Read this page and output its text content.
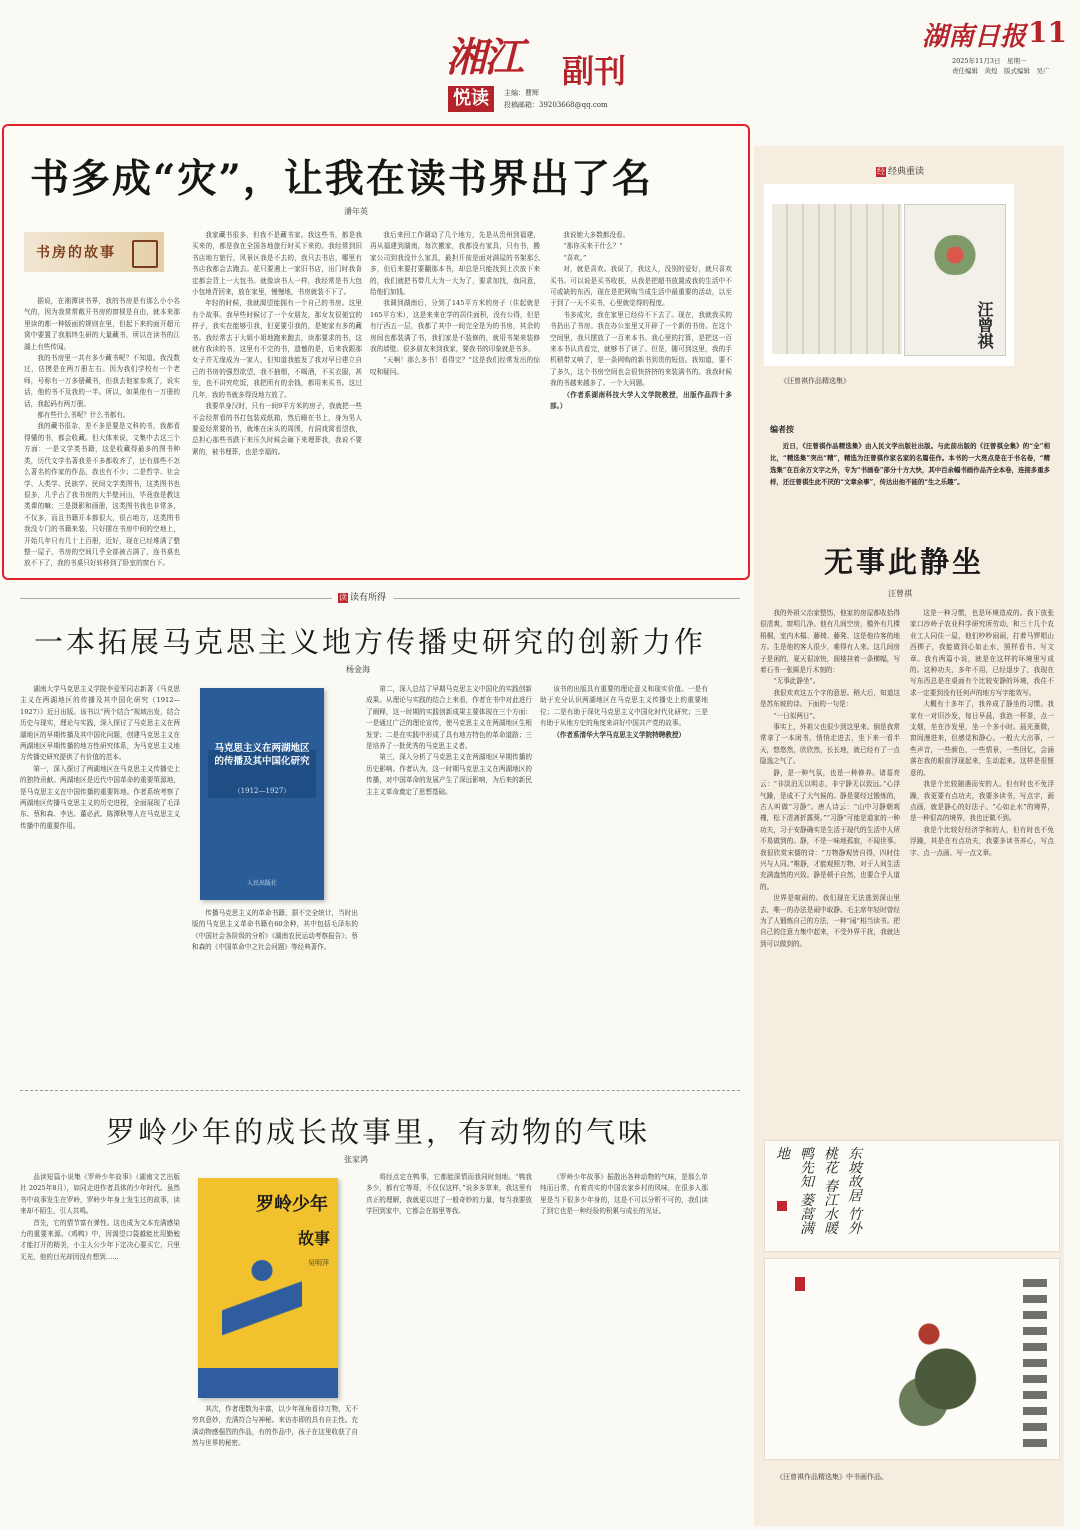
湘江 副刊
悦读	主编：曹辉
投稿邮箱：39203668@qq.com
湖南日报 11
2025年11月3日　星期一
责任编辑　黄煌　版式编辑　吴广
书多成“灾”，让我在读书界出了名
潘年英
书房的故事

据说，在湘潭读书界，我的书房是有那么小小名气的，因为我常常敞开书房的窗棂是自由，就本来那里读的都一种版面的规则在里，但起下来的面开超元窝中要置了我那终生研的大量藏书，所以在读书的江湖上有些传闻。

我的书房里一共有多少藏书呢？不知道。我没数过，估摸是在两万册左右。因为我们学校有一个老师，号称有一万多册藏书，但我去他家参观了，说实话，他的书不及我的一半。所以，如果他有一万册的话，我起码有两万册。

都有些什么书呢？什么书都有。

我的藏书很杂，差不多是要是文科的书，我都看得懂的书，都会收藏。但大体来说，文集中去这三个方面：一是文学类书籍，这是收藏得最多的图书种类，历代文学名著我差不多都收齐了，还有那些不怎么著名的作家的作品，我也有不少；二是哲学、社会学、人类学、民族学、民间文学类图书，这类图书也很多，几乎占了我书房的大半壁河山，毕竟我是教这类课的嘛；三是摄影和画册，这类图书我也非常多，不仅多，而且书籍开本都很大，很占地方，这类图书我没专门的书籍来装，只好摆在书房中间的空地上，开始几年只有几十上百册，近好，现在已经堆满了整整一屋子，书房的空间几乎全部被占满了，连书桌也放不下了，我的书桌只好转移到了卧室的窗台下。

我家藏书很多，但我不是藏书家。我这些书，都是我买来的，都是我在全国各地旅行时买下来的。我经常到旧书店地方旅行，风景区我是不去的，我只去书店，哪里有书店我都会去跑去。花只要遇上一家旧书店，出门时我肯定都会背上一大包书。就像读书人一样，我经常是书大包小包地背回来，放在家里，慢慢地，书房就装不下了。

年轻的时候，我就渴望能拥有一个自己的书房。这里有个故事。我早些时候讨了一个女朋友，那女友很便宜的样子，我实在能够引我，但更要引我的，是她家有多的藏书。我经常去于大姐小姐地跑来跑去，读那要求的书，这就有我读的书，这里有不完的书，遗憾的是，后来我跟那女子并无缘成为一家人，但知道我能发了我对早日建立自己的书房的强烈欲望，我不抽烟，不喝酒，不买衣服，甚至，也不讲究吃饭，我把所有的余钱，都用来买书。这过几年，我的书就多得没地方放了。

我要单身汉时，只有一间9平方米的房子，我就把一些不会经常看的书打包装成纸箱，然后睡在书上，身为男人要爱经常要的书，就堆在床头的周围，有洞戏窝看望我，总担心那些书跌下来压久时候会砸下来埋葬我，我说不要紧的，被书埋葬，也是幸福的。

我后来回工作调动了几个地方，先是从贵州到福建，再从福建到湖南，每次搬家，我都没有家具，只有书，搬家公司到我没什么家具，最担开前是面对满屋的书架那么多，但后来要打要翻那本书，却总是只能找到上次放下来的，我们就把书带几大为一大为了，要求加找，我同意，给他们加钱。

我调到湖南后，分到了145平方米的房子（住起就是165平方米），这是来来在学的居住面积，没有公得，但是有厅西五一层，我都了其中一间完全是为的书房，其余的房间也都装满了书，我们家是不装修的，就用书架来装修我的墙壁。很多朋友来到我家，要我书的印象就是书多。

“天啊！那么多书！看得完？”这是我们经常发出的惊叹和疑问。

我说她大多数都没看。

“那你买来干什么？”

“喜欢。”

对，就是喜欢。我说了，我这人，没别的爱好，就只喜欢买书。可以说是买书收获，从我是把超书放置成我的生活中不可或缺的东西，现在是把网购当成生活中最重要的活动，以至于到了一天不买书，心里就觉得的程度。

书多成灾，我在家里已经待不下去了。现在，我就我买的书扔出了书房。我在办公室里又开辟了一个新的书房。在这个空间里，我只摆放了一百来本书。我心里的打算，是把这一百来本书认真看完，就够书了读了。但是，随可到这里，我的手机稍带又响了，是一条网购的新书到货的短信。我知道，要不了多久，这个书房空间也会很快挤挤的来装满书的。我我时候我的书越来越多了。一个大问题。

（作者系湖南科技大学人文学院教授，出版作品四十多部。）

经 经典重读
汪曾祺
《汪曾祺作品精选集》
编者按
近日，《汪曾祺作品精选集》由人民文学出版社出版。与此前出版的《汪曾祺全集》的“全”相比，“精选集”突出“精”，精选为汪曾祺作家名家的名篇佳作。本书的一大亮点是在于书名卷，“精选集”在百余万文字之外，专为“书画卷”部分十方大快，其中百余幅书画作品齐全本卷，连接多重多样，还汪曾祺生此不厌的“文章余事”，传达出他不能的“生之乐趣”。
无事此静坐
汪曾祺

我的外祖父治家整饬，他家的房屋都收拾得很清爽，窗明几净。他有几间空房，檐外有几棵梧桐，室内木榻、藤椅、藤凳、这是他待客的地方。生是他的客人很少，难得有人来。这几间房子是闲的，夏天很凉快，阁楼挂着一条横幅，写着石书一张匾是斤木刻的：

“无事此静坐”。

我很欢欢这五个字的意思。稍大后，知道这是苏东坡的诗。下面的一句是：

“一日似两日”。

事实上，外祖父也很少到这里来。倒是我常常拿了一本闲书，悄悄走进去，坐下来一看半天，悠悠然，欣欣然，长长地，就已经有了一点隐逸之气了。

静，是一种气氛，也是一种修养。诸葛亮云：“非淡泊无以明志，非宁静无以致远。”心浮气躁，是成不了大气候的。静是要经过锻炼的，古人叫做“习静”。唐人诗云：“山中习静朝观槿，松下清斋折露葵。”“习静”可能是道家的一种功夫，习于安静确实是生活于现代的生活中人所不易做到的。静，不是一味地孤寂，不闻世事。我很欣赏宋儒的诗：“万物静观皆自得，四时佳兴与人同。”唯静，才能观照万物，对于人间生活充满盎然的兴致。静是顿于自然，也要合乎人道的。

世界是喧闹的。我们现在无法逃到深山里去，唯一的办法是闹中取静。毛主席年轻时曾经为了人锻炼自己的方法，一种“闹”相当读书。把自己的注意力集中起来，不受外界干扰，我就达到可以做到的。

这是一种习惯，也是环境造成的。我下放张家口沙岭子农业科学研究所劳动，和三十几个农业工人同住一屋，他们吵吵闹闹，打着马锣唱山西梆子，我能做到心如止水，照样看书、写文章。我有两篇小说，就是在这样的环境里写成的。这种功夫，多年不用，已经退步了，我现在写东西总是在桌面有个比较安静的环境，我住不求一定要到没有任何声的地方写字能效写。

大概有十多年了，我养成了静坐的习惯。我家有一对旧沙发，每日早晨，我泡一杯茶，点一支烟，坐在沙发里，坐一个多小时。晨光熹微，窗间漫进来，但感觉和静心。一般大大出事，一些声音，一些颜色，一些情景，一些回忆，会涌落在我的眼前浮现起来，生动起来。这样是很惬意的。

我是个比较随遇而安的人。但有时也不免浮躁，我更要有点功夫，我要多读书，写点字，画点画，就是静心的好法子。“心如止水”的境界，是一种很高的境界，我也还做不到。

我是个比较好经济学和的人，但有时也不免浮躁，其是在有点功夫，我要多读书养心，写点字、点一点画、写一点文章。

东坡故居 竹外桃花 春江水暖 鸭先知 蒌蒿满地
《汪曾祺作品精选集》中书画作品。
读 读有所得
一本拓展马克思主义地方传播史研究的创新力作
杨金海

湖南大学马克思主义学院李爱军同志新著《马克思主义在两湖地区的传播及其中国化研究（1912—1927）》近日出版。该书以“两个结合”视域出发，结合历史与现实，理论与实践，深入探讨了马克思主义在两湖地区的早期传播及其中国化问题，创建马克思主义在两湖地区早期传播的地方性研究体系，为马克思主义地方传播史研究提供了有价值的范本。

第一，深入探讨了两湖地区在马克思主义传播史上的独特贡献。两湖地区是近代中国革命的重要策源地，是马克思主义在中国传播的重要阵地。作者系统考察了两湖地区传播马克思主义的历史进程，全面展现了毛泽东、蔡和森、李达、董必武、陈潭秋等人在马克思主义传播中的重要作用。

马克思主义在两湖地区的传播及其中国化研究
（1912—1927）
人民出版社

传播马克思主义的革命书籍，据不完全统计，当时出版的马克思主义革命书籍有60余种，其中包括毛泽东的《中国社会各阶级的分析》《湖南农民运动考察报告》、蔡和森的《中国革命中之社会问题》等经典著作。

第二，深入总结了早期马克思主义中国化的实践创新成果。从理论与实践的结合上来看，作者在书中对此进行了阐释，这一时期的实践创新成果主要体现在三个方面：一是通过广泛的理论宣传，使马克思主义在两湖地区生根发芽；二是在实践中形成了具有地方特色的革命道路；三是培养了一批优秀的马克思主义者。

第三，深入分析了马克思主义在两湖地区早期传播的历史影响。作者认为，这一时期马克思主义在两湖地区的传播，对中国革命的发展产生了深远影响，为后来的新民主主义革命奠定了思想基础。

该书的出版具有重要的理论意义和现实价值。一是有助于充分认识两湖地区在马克思主义传播史上的重要地位；二是有助于深化马克思主义中国化时代化研究；三是有助于从地方史的角度来讲好中国共产党的故事。

（作者系清华大学马克思主义学院特聘教授）

罗岭少年的成长故事里，有动物的气味
张家鸿

品读短篇小说集《罗岭少年故事》（湖南文艺出版社 2025年8月），如同走进作者具体的少年时代。虽然书中故事发生在罗岭，罗岭少年身上发生过的故事，读来却不陌生，引人共鸣。

首先，它的情节富有弹性。这也成为文本充满感染力的重要来源。《鸡鸭》中，因渴望口袋越能比用勤勉才能打开的精美，小主人公少年下定决心要买它，只里无光，他的目光却因没有想到……

罗岭少年
故事
吴明萍

其次，作者理数为丰富，以少年视角看待万物，无不穷真意妙，充满符合与神秘。来访亦即的具有自主性。充满动物感强烈的作品，有的作品中，孩子在这里收获了自然与世界的秘密。

将经点定在鸭事，它都能深情而我同时刻地。“鸭我多少，都有它等哥，不仅仅这样，”说多多草来，我这里有真正的理解，我就更以进了一般奇妙的力量，每当我要放学回到家中，它都会在那里等我。

《罗岭少年故事》振散出各种动物的气味，是那么单纯而日常，有着真实的中国农家乡村的风味，在很多人那里是当下很多少年身的，这是不可以分析不可的，我们读了到它也是一种经验的积累与成长的见证。
